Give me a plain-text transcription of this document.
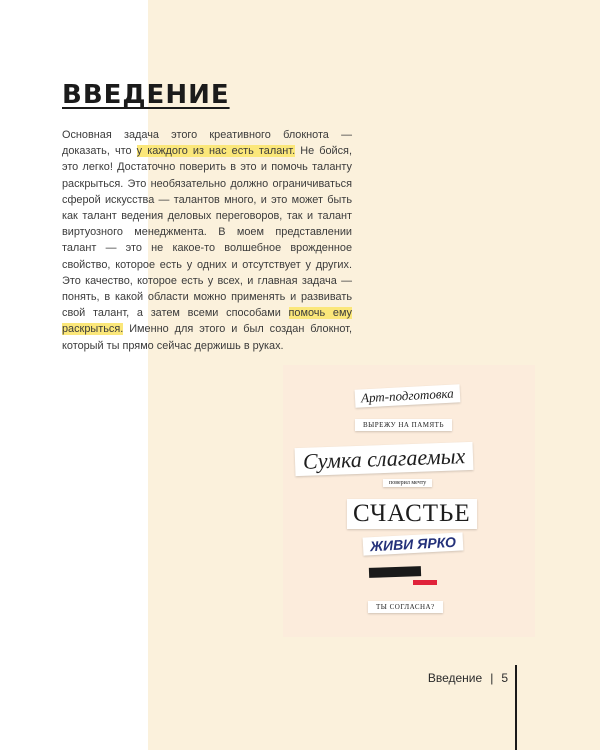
ВВЕДЕНИЕ

Основная задача этого креативного блокнота — доказать, что у каждого из нас есть талант. Не бойся, это легко! Достаточно поверить в это и помочь таланту раскрыться. Это необязательно должно ограничиваться сферой искусства — талантов много, и это может быть как талант ведения деловых переговоров, так и талант виртуозного менеджмента. В моем представлении талант — это не какое-то волшебное врожденное свойство, которое есть у одних и отсутствует у других. Это качество, которое есть у всех, и главная задача — понять, в какой области можно применять и развивать свой талант, а затем всеми способами помочь ему раскрыться. Именно для этого и был создан блокнот, который ты прямо сейчас держишь в руках.

Арт-подготовка
ВЫРЕЖУ НА ПАМЯТЬ
Сумка слагаемых
поверил мечту
СЧАСТЬЕ
ЖИВИ ЯРКО
ТЫ СОГЛАСНА?
Введение | 5
